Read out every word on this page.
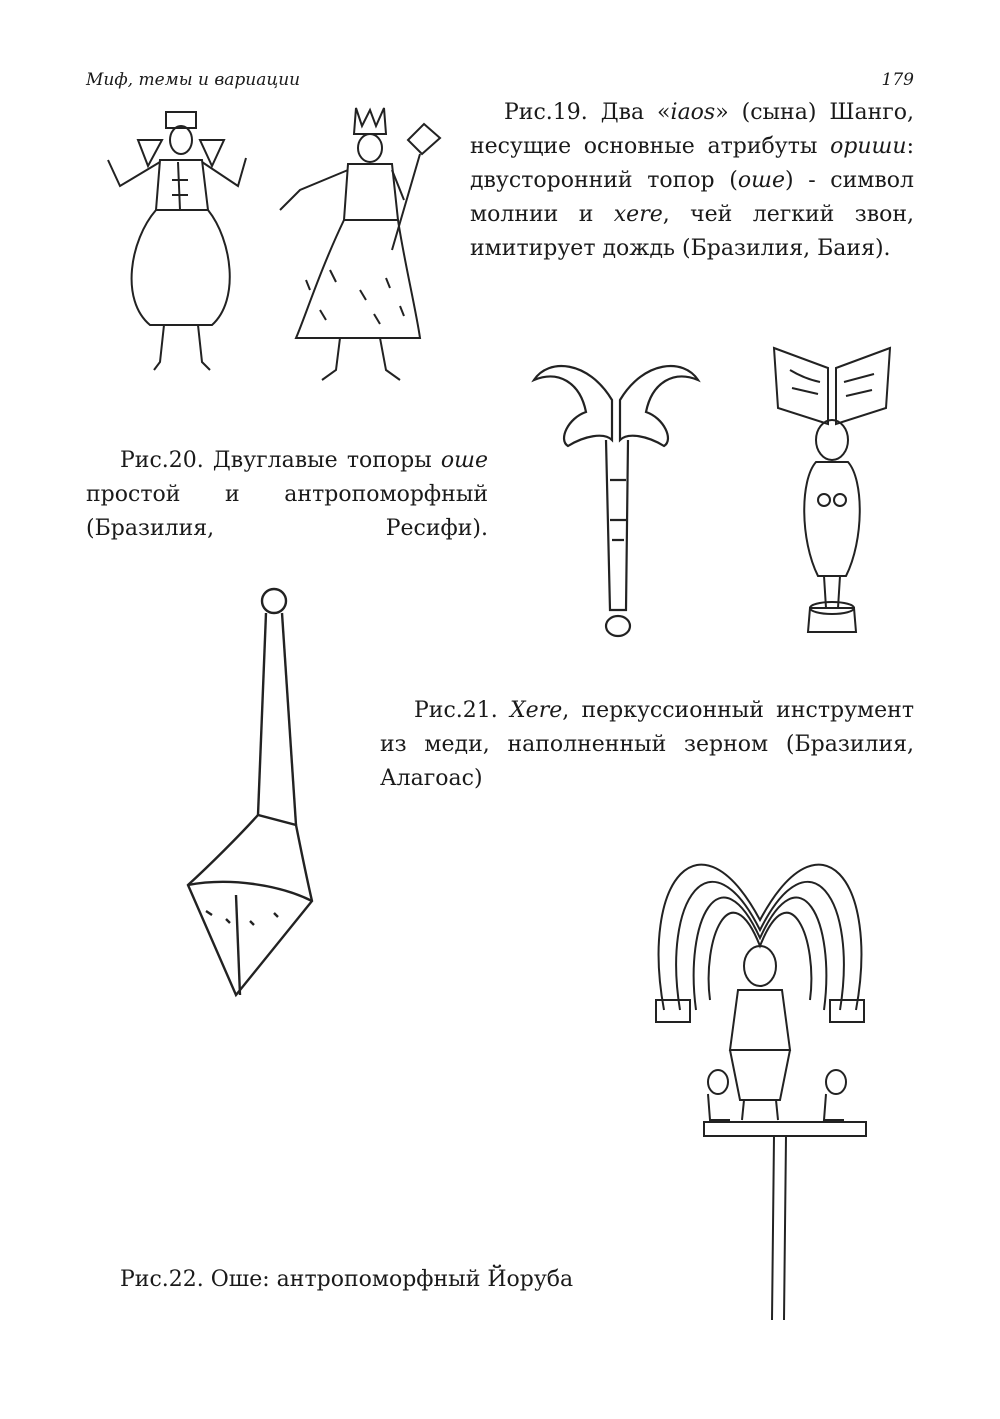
Миф, темы и вариации	179
Рис.19. Два «iaos» (сына) Шанго, несущие основные атрибуты ориши: двусторонний топор (оше) - символ молнии и xere, чей легкий звон, имитирует дождь (Бразилия, Баия).
Рис.20. Двуглавые топоры оше простой и антропоморфный (Бразилия, Ресифи).
Рис.21. Xere, перкуссионный инструмент из меди, наполненный зерном (Бразилия, Алагоас)
Рис.22. Оше: антропоморфный Йоруба
